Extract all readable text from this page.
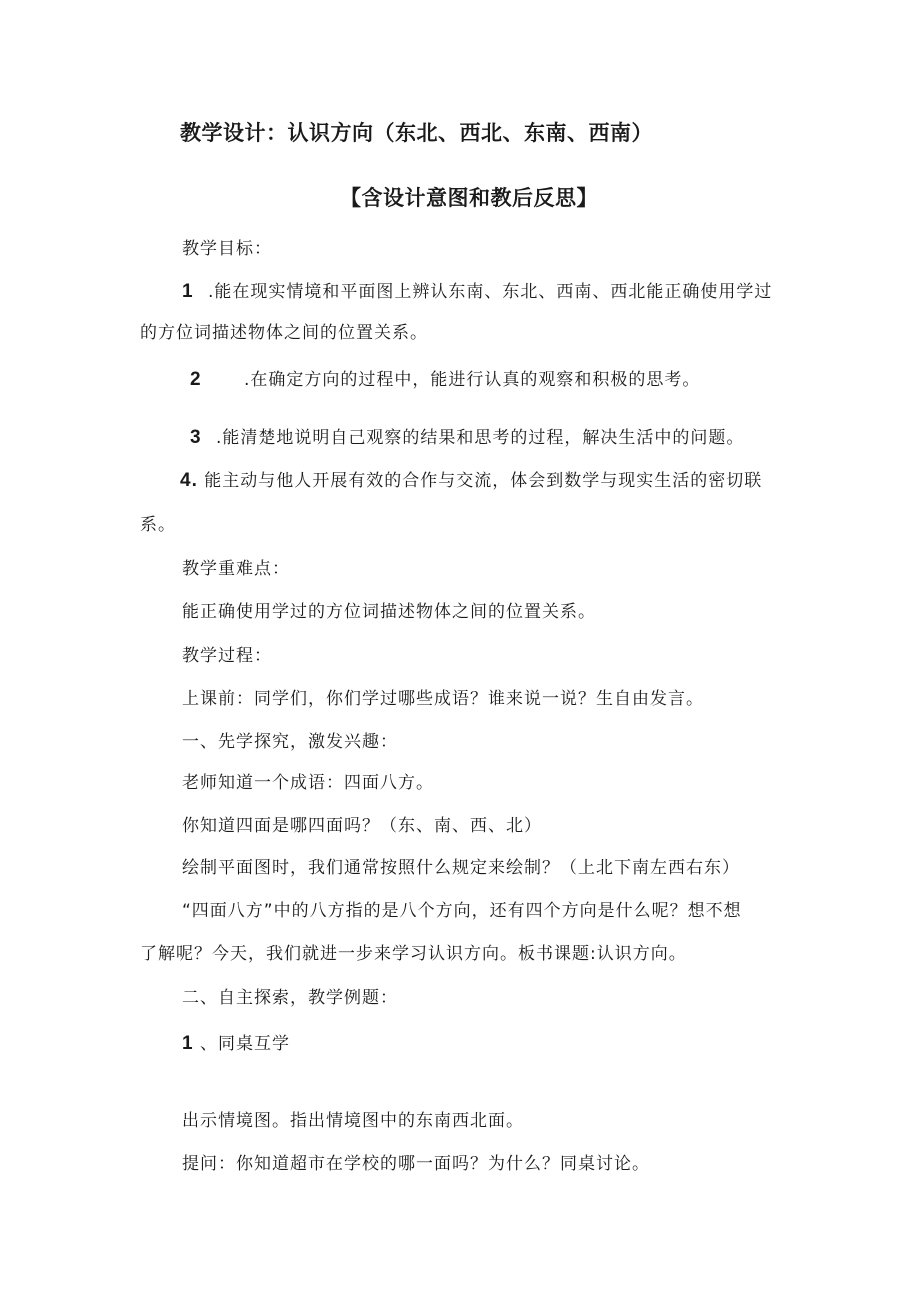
教学设计：认识方向（东北、西北、东南、西南）
【含设计意图和教后反思】
教学目标：
1 .能在现实情境和平面图上辨认东南、东北、西南、西北能正确使用学过
的方位词描述物体之间的位置关系。
2 .在确定方向的过程中，能进行认真的观察和积极的思考。
3 .能清楚地说明自己观察的结果和思考的过程，解决生活中的问题。
4. 能主动与他人开展有效的合作与交流，体会到数学与现实生活的密切联
系。
教学重难点：
能正确使用学过的方位词描述物体之间的位置关系。
教学过程：
上课前：同学们，你们学过哪些成语？谁来说一说？生自由发言。
一、先学探究，激发兴趣：
老师知道一个成语：四面八方。
你知道四面是哪四面吗？（东、南、西、北）
绘制平面图时，我们通常按照什么规定来绘制？（上北下南左西右东）
“四面八方”中的八方指的是八个方向，还有四个方向是什么呢？想不想
了解呢？今天，我们就进一步来学习认识方向。板书课题:认识方向。
二、自主探索，教学例题：
1 、同桌互学
出示情境图。指出情境图中的东南西北面。
提问：你知道超市在学校的哪一面吗？为什么？同桌讨论。
